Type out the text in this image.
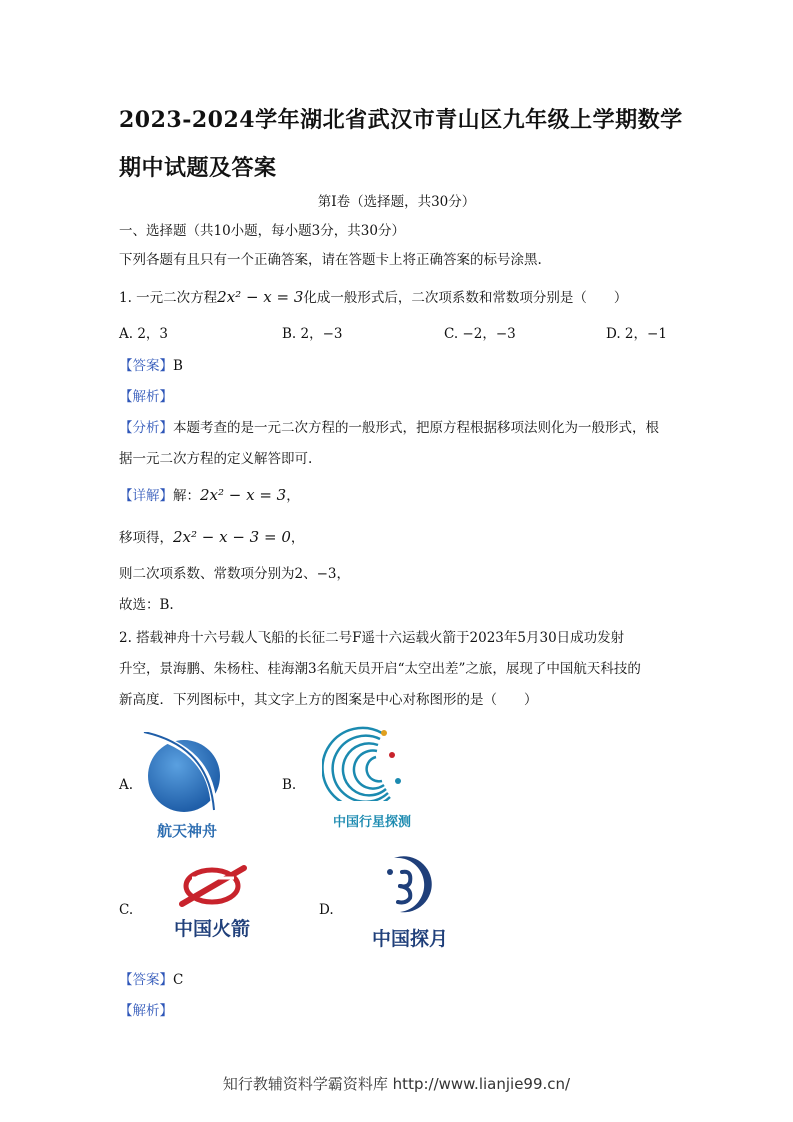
2023-2024学年湖北省武汉市青山区九年级上学期数学期中试题及答案
第I卷（选择题，共30分）
一、选择题（共10小题，每小题3分，共30分）
下列各题有且只有一个正确答案，请在答题卡上将正确答案的标号涂黑.
1. 一元二次方程2x² − x = 3化成一般形式后，二次项系数和常数项分别是（　　）
A. 2，3	B. 2，−3	C. −2，−3	D. 2，−1
【答案】B
【解析】
【分析】本题考查的是一元二次方程的一般形式，把原方程根据移项法则化为一般形式，根
据一元二次方程的定义解答即可.
【详解】解：2x² − x = 3，
移项得，2x² − x − 3 = 0，
则二次项系数、常数项分别为2、−3，
故选：B.
2. 搭载神舟十六号载人飞船的长征二号F遥十六运载火箭于2023年5月30日成功发射
升空，景海鹏、朱杨柱、桂海潮3名航天员开启“太空出差”之旅，展现了中国航天科技的
新高度．下列图标中，其文字上方的图案是中心对称图形的是（　　）
A.
航天神舟
B.
中国行星探测
C.
中国火箭
D.
中国探月
【答案】C
【解析】
知行教辅资料学霸资料库 http://www.lianjie99.cn/
